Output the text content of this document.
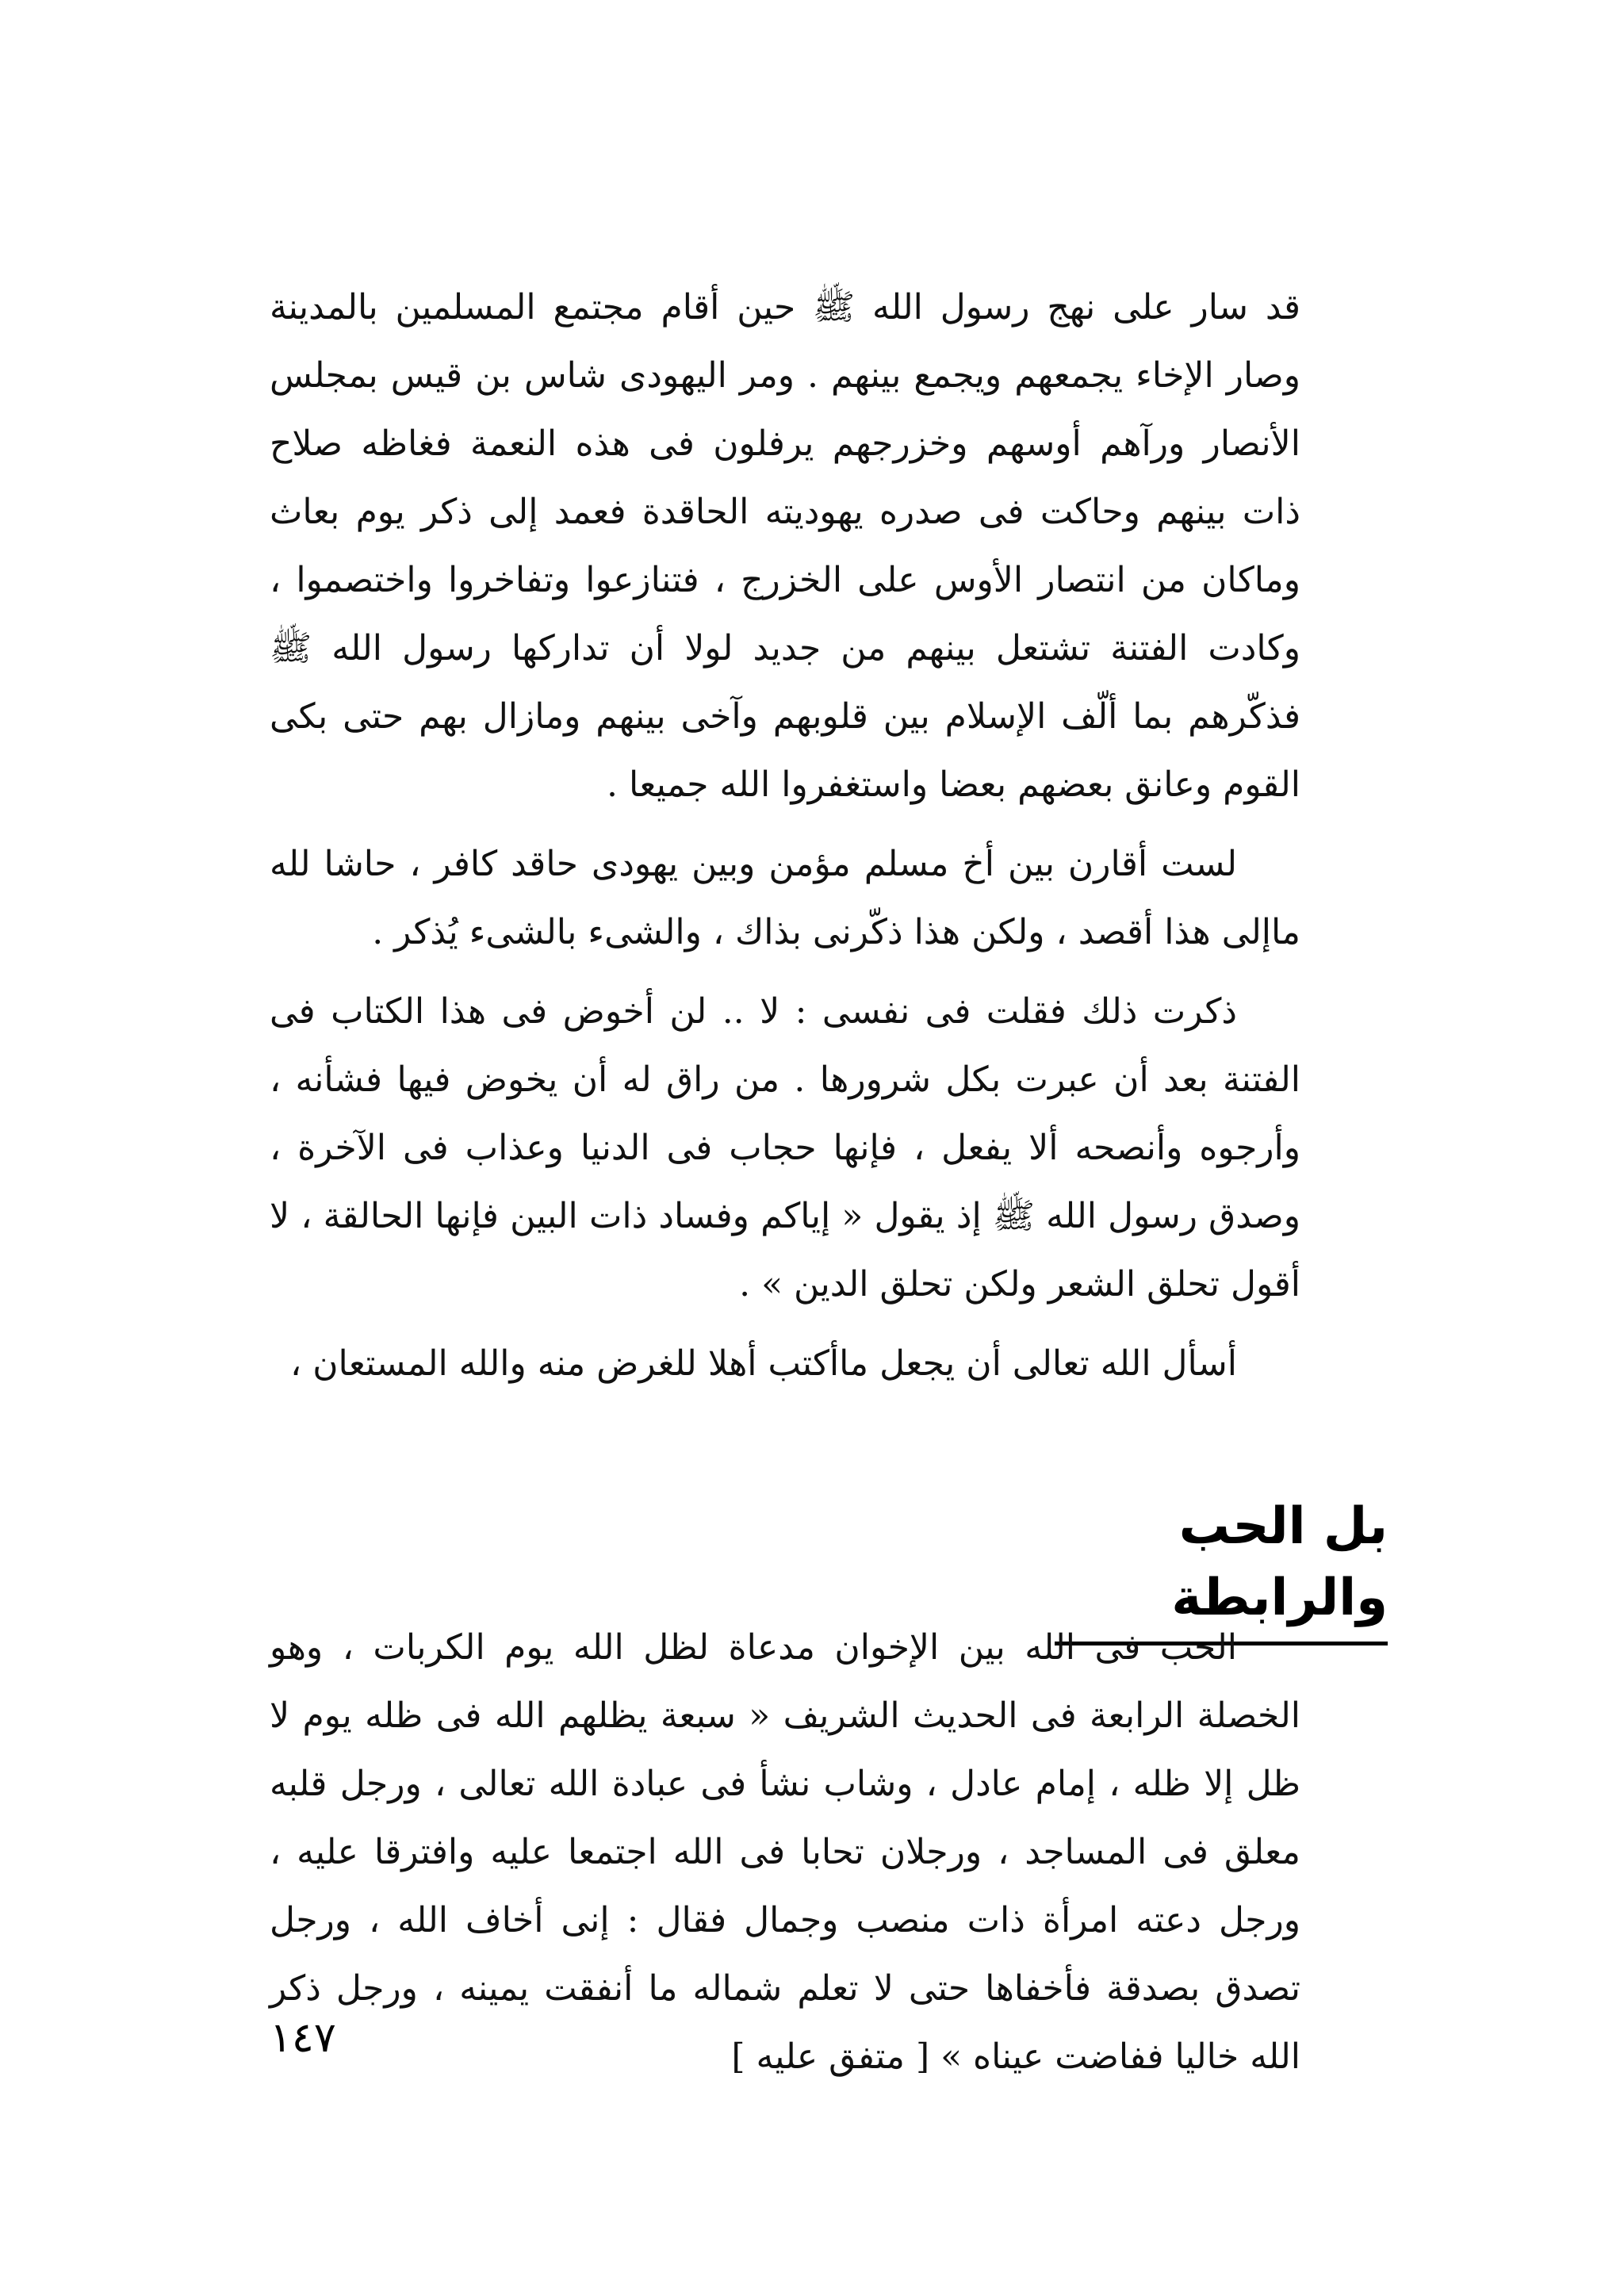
قد سار على نهج رسول الله ﷺ حين أقام مجتمع المسلمين بالمدينة وصار الإخاء يجمعهم ويجمع بينهم . ومر اليهودى شاس بن قيس بمجلس الأنصار ورآهم أوسهم وخزرجهم يرفلون فى هذه النعمة فغاظه صلاح ذات بينهم وحاكت فى صدره يهوديته الحاقدة فعمد إلى ذكر يوم بعاث وماكان من انتصار الأوس على الخزرج ، فتنازعوا وتفاخروا واختصموا ، وكادت الفتنة تشتعل بينهم من جديد لولا أن تداركها رسول الله ﷺ فذكّرهم بما ألّف الإسلام بين قلوبهم وآخى بينهم ومازال بهم حتى بكى القوم وعانق بعضهم بعضا واستغفروا الله جميعا .

لست أقارن بين أخ مسلم مؤمن وبين يهودى حاقد كافر ، حاشا لله ماإلى هذا أقصد ، ولكن هذا ذكّرنى بذاك ، والشىء بالشىء يُذكر .

ذكرت ذلك فقلت فى نفسى : لا .. لن أخوض فى هذا الكتاب فى الفتنة بعد أن عبرت بكل شرورها . من راق له أن يخوض فيها فشأنه ، وأرجوه وأنصحه ألا يفعل ، فإنها حجاب فى الدنيا وعذاب فى الآخرة ، وصدق رسول الله ﷺ إذ يقول « إياكم وفساد ذات البين فإنها الحالقة ، لا أقول تحلق الشعر ولكن تحلق الدين » .

أسأل الله تعالى أن يجعل ماأكتب أهلا للغرض منه والله المستعان ،

بل الحب والرابطة

الحب فى الله بين الإخوان مدعاة لظل الله يوم الكربات ، وهو الخصلة الرابعة فى الحديث الشريف « سبعة يظلهم الله فى ظله يوم لا ظل إلا ظله ، إمام عادل ، وشاب نشأ فى عبادة الله تعالى ، ورجل قلبه معلق فى المساجد ، ورجلان تحابا فى الله اجتمعا عليه وافترقا عليه ، ورجل دعته امرأة ذات منصب وجمال فقال : إنى أخاف الله ، ورجل تصدق بصدقة فأخفاها حتى لا تعلم شماله ما أنفقت يمينه ، ورجل ذكر الله خاليا ففاضت عيناه » [ متفق عليه ]

١٤٧
